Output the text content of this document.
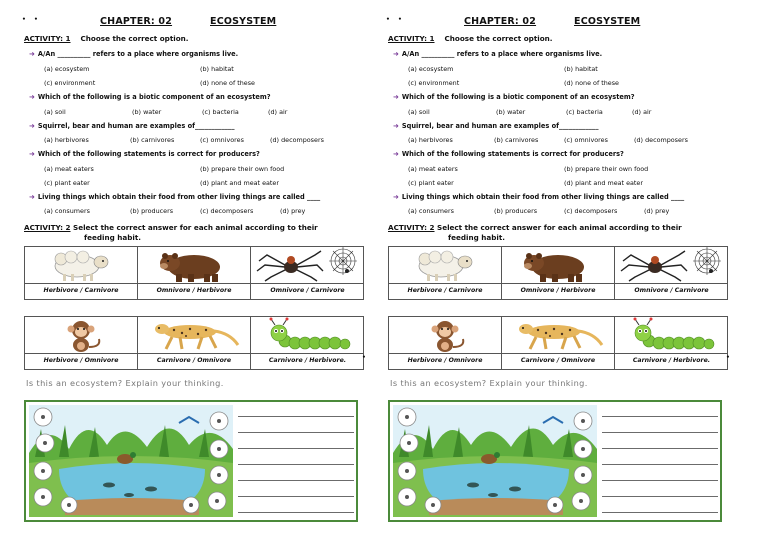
• •	CHAPTER: 02	ECOSYSTEM
ACTIVITY: 1 Choose the correct option.
➜ A/An __________ refers to a place where organisms live.
(a) ecosystem	(b) habitat
(c) environment	(d) none of these
➜ Which of the following is a biotic component of an ecosystem?
(a) soil	(b) water	(c) bacteria	(d) air
➜ Squirrel, bear and human are examples of____________
(a) herbivores	(b) carnivores	(c) omnivores	(d) decomposers
➜ Which of the following statements is correct for producers?
(a) meat eaters	(b) prepare their own food
(c) plant eater	(d) plant and meat eater
➜ Living things which obtain their food from other living things are called ____
(a) consumers	(b) producers	(c) decomposers	(d) prey
ACTIVITY: 2 Select the correct answer for each animal according to their
feeding habit.
Herbivore / Carnivore	Omnivore / Herbivore	Omnivore / Carnivore
Herbivore / Omnivore	Carnivore / Omnivore	Carnivore / Herbivore.	•
Is this an ecosystem? Explain your thinking.
• •	CHAPTER: 02	ECOSYSTEM
ACTIVITY: 1 Choose the correct option.
➜ A/An __________ refers to a place where organisms live.
(a) ecosystem	(b) habitat
(c) environment	(d) none of these
➜ Which of the following is a biotic component of an ecosystem?
(a) soil	(b) water	(c) bacteria	(d) air
➜ Squirrel, bear and human are examples of____________
(a) herbivores	(b) carnivores	(c) omnivores	(d) decomposers
➜ Which of the following statements is correct for producers?
(a) meat eaters	(b) prepare their own food
(c) plant eater	(d) plant and meat eater
➜ Living things which obtain their food from other living things are called ____
(a) consumers	(b) producers	(c) decomposers	(d) prey
ACTIVITY: 2 Select the correct answer for each animal according to their
feeding habit.
Herbivore / Carnivore	Omnivore / Herbivore	Omnivore / Carnivore
Herbivore / Omnivore	Carnivore / Omnivore	Carnivore / Herbivore.	•
Is this an ecosystem? Explain your thinking.
